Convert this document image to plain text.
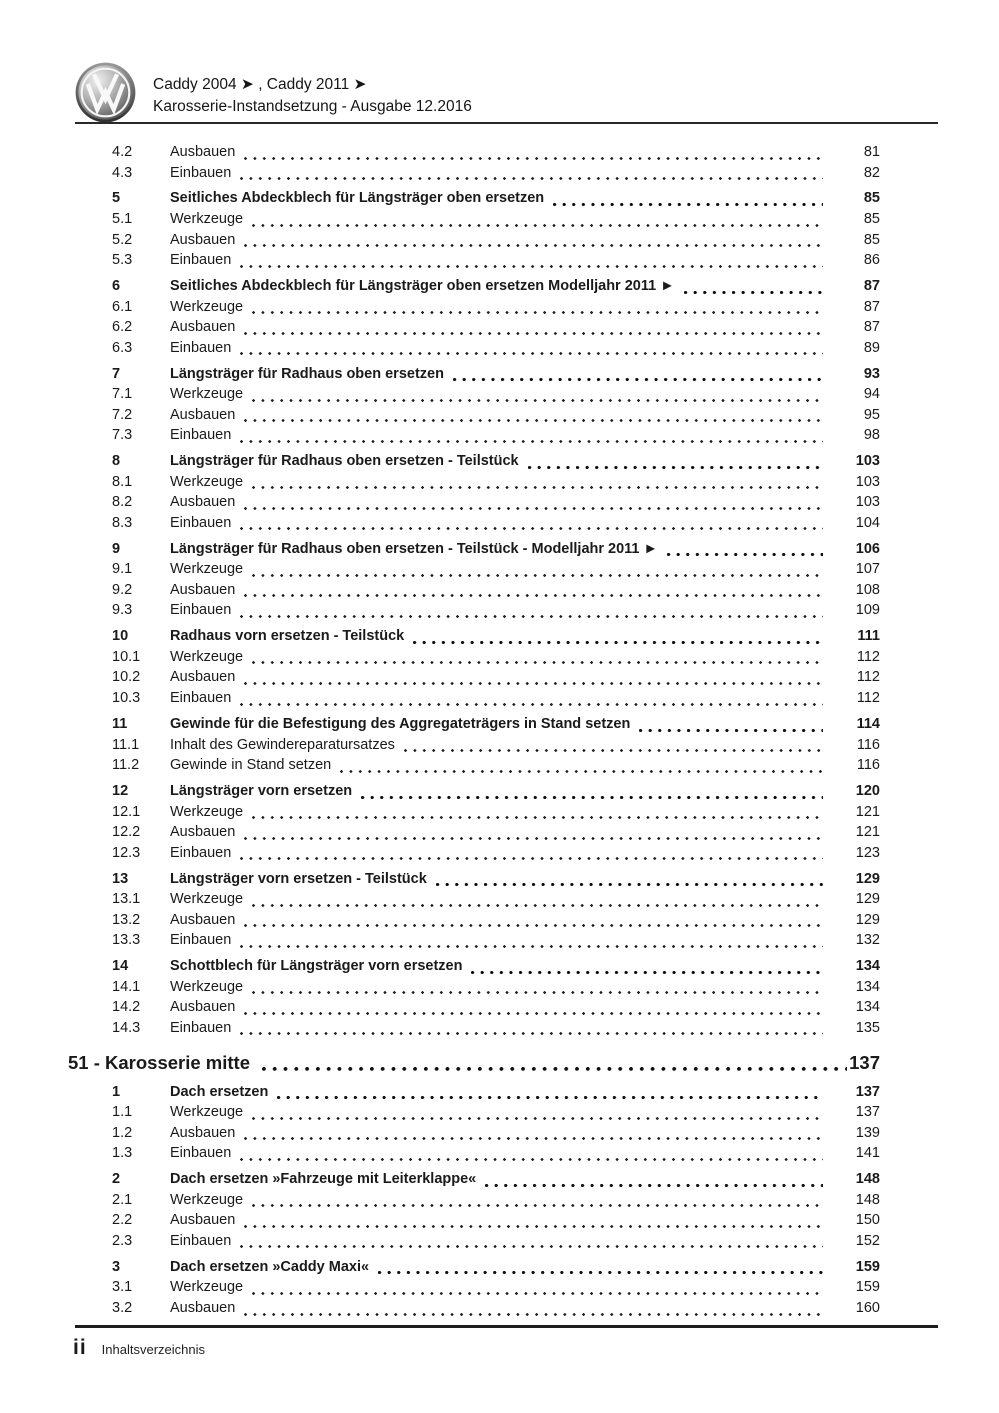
Caddy 2004 ➤ , Caddy 2011 ➤
Karosserie-Instandsetzung - Ausgabe 12.2016
4.2	Ausbauen	81
4.3	Einbauen	82
5	Seitliches Abdeckblech für Längsträger oben ersetzen	85
5.1	Werkzeuge	85
5.2	Ausbauen	85
5.3	Einbauen	86
6	Seitliches Abdeckblech für Längsträger oben ersetzen Modelljahr 2011 ►	87
6.1	Werkzeuge	87
6.2	Ausbauen	87
6.3	Einbauen	89
7	Längsträger für Radhaus oben ersetzen	93
7.1	Werkzeuge	94
7.2	Ausbauen	95
7.3	Einbauen	98
8	Längsträger für Radhaus oben ersetzen - Teilstück	103
8.1	Werkzeuge	103
8.2	Ausbauen	103
8.3	Einbauen	104
9	Längsträger für Radhaus oben ersetzen - Teilstück - Modelljahr 2011 ►	106
9.1	Werkzeuge	107
9.2	Ausbauen	108
9.3	Einbauen	109
10	Radhaus vorn ersetzen - Teilstück	111
10.1	Werkzeuge	112
10.2	Ausbauen	112
10.3	Einbauen	112
11	Gewinde für die Befestigung des Aggregateträgers in Stand setzen	114
11.1	Inhalt des Gewindereparatursatzes	116
11.2	Gewinde in Stand setzen	116
12	Längsträger vorn ersetzen	120
12.1	Werkzeuge	121
12.2	Ausbauen	121
12.3	Einbauen	123
13	Längsträger vorn ersetzen - Teilstück	129
13.1	Werkzeuge	129
13.2	Ausbauen	129
13.3	Einbauen	132
14	Schottblech für Längsträger vorn ersetzen	134
14.1	Werkzeuge	134
14.2	Ausbauen	134
14.3	Einbauen	135
51 - Karosserie mitte	137
1	Dach ersetzen	137
1.1	Werkzeuge	137
1.2	Ausbauen	139
1.3	Einbauen	141
2	Dach ersetzen »Fahrzeuge mit Leiterklappe«	148
2.1	Werkzeuge	148
2.2	Ausbauen	150
2.3	Einbauen	152
3	Dach ersetzen »Caddy Maxi«	159
3.1	Werkzeuge	159
3.2	Ausbauen	160
ii Inhaltsverzeichnis
